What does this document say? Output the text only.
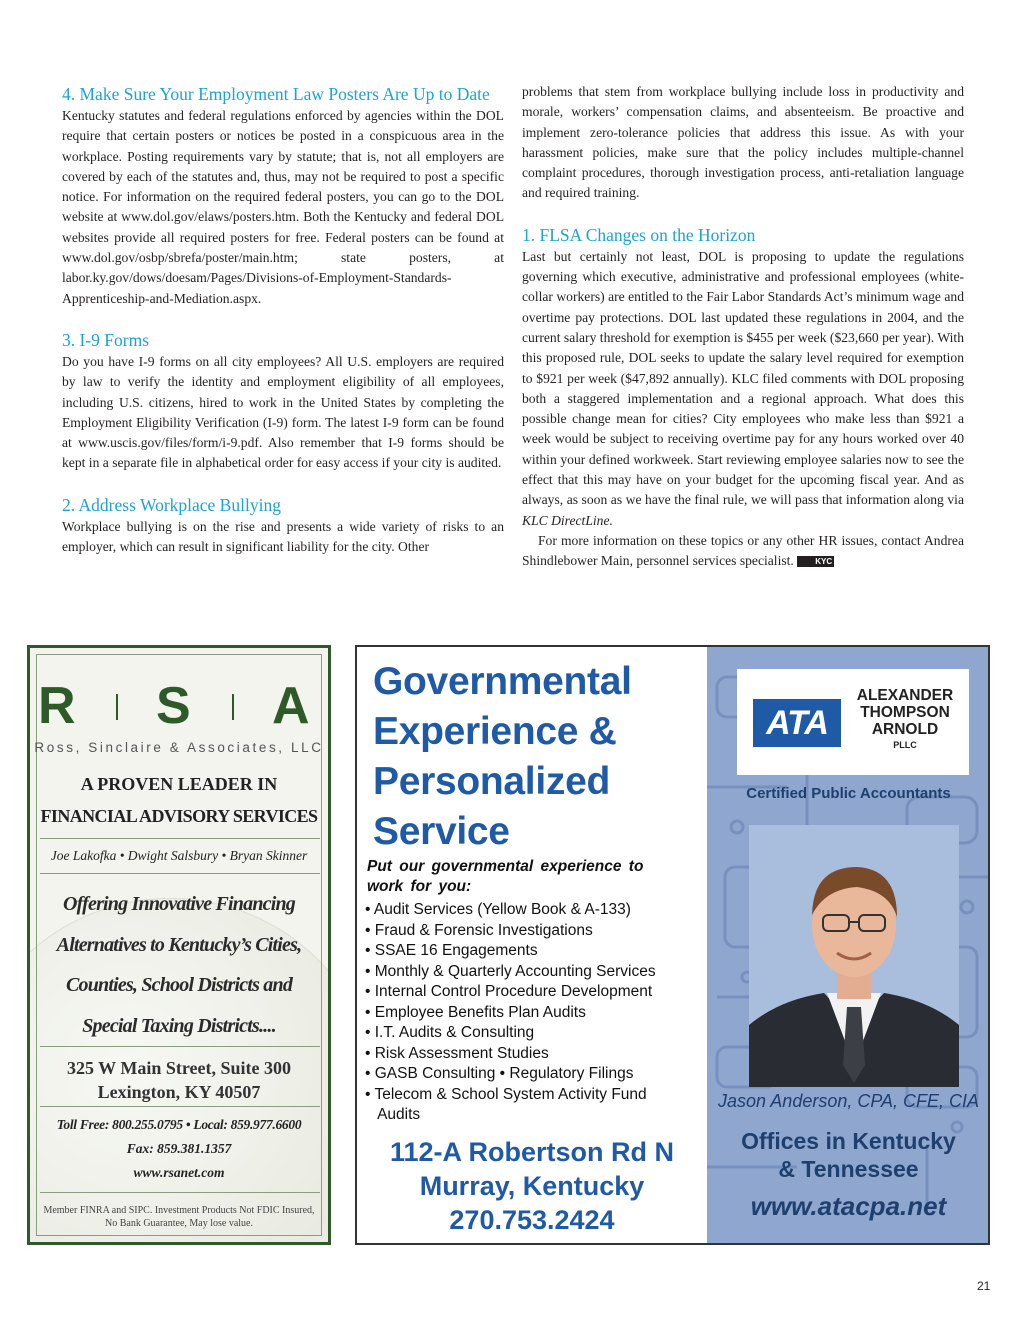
4. Make Sure Your Employment Law Posters Are Up to Date

Kentucky statutes and federal regulations enforced by agencies within the DOL require that certain posters or notices be posted in a conspicuous area in the workplace. Posting requirements vary by statute; that is, not all employers are covered by each of the statutes and, thus, may not be required to post a specific notice. For information on the required federal posters, you can go to the DOL website at www.dol.gov/elaws/posters.htm. Both the Kentucky and federal DOL websites provide all required posters for free. Federal posters can be found at www.dol.gov/osbp/sbrefa/poster/main.htm; state posters, at labor.ky.gov/dows/doesam/Pages/Divisions-of-Employment-Standards-Apprenticeship-and-Mediation.aspx.

3. I-9 Forms

Do you have I-9 forms on all city employees? All U.S. employers are required by law to verify the identity and employment eligibility of all employees, including U.S. citizens, hired to work in the United States by completing the Employment Eligibility Verification (I-9) form. The latest I-9 form can be found at www.uscis.gov/files/form/i-9.pdf. Also remember that I-9 forms should be kept in a separate file in alphabetical order for easy access if your city is audited.

2. Address Workplace Bullying

Workplace bullying is on the rise and presents a wide variety of risks to an employer, which can result in significant liability for the city. Other

problems that stem from workplace bullying include loss in productivity and morale, workers’ compensation claims, and absenteeism. Be proactive and implement zero-tolerance policies that address this issue. As with your harassment policies, make sure that the policy includes multiple-channel complaint procedures, thorough investigation process, anti-retaliation language and required training.

1. FLSA Changes on the Horizon

Last but certainly not least, DOL is proposing to update the regulations governing which executive, administrative and professional employees (white-collar workers) are entitled to the Fair Labor Standards Act’s minimum wage and overtime pay protections. DOL last updated these regulations in 2004, and the current salary threshold for exemption is $455 per week ($23,660 per year). With this proposed rule, DOL seeks to update the salary level required for exemption to $921 per week ($47,892 annually). KLC filed comments with DOL proposing both a staggered implementation and a regional approach. What does this possible change mean for cities? City employees who make less than $921 a week would be subject to receiving overtime pay for any hours worked over 40 within your defined workweek. Start reviewing employee salaries now to see the effect that this may have on your budget for the upcoming fiscal year. And as always, as soon as we have the final rule, we will pass that information along via KLC DirectLine.

For more information on these topics or any other HR issues, contact Andrea Shindlebower Main, personnel services specialist.	KYC

R S A
Ross, Sinclaire & Associates, LLC
A PROVEN LEADER IN
FINANCIAL ADVISORY SERVICES
Joe Lakofka • Dwight Salsbury • Bryan Skinner
Offering Innovative Financing
Alternatives to Kentucky’s Cities,
Counties, School Districts and
Special Taxing Districts....
325 W Main Street, Suite 300
Lexington, KY 40507
Toll Free: 800.255.0795 • Local: 859.977.6600
Fax: 859.381.1357
www.rsanet.com
Member FINRA and SIPC. Investment Products Not FDIC Insured,
No Bank Guarantee, May lose value.
Governmental
Experience &
Personalized
Service
Put our governmental experience to
work for you:
• Audit Services (Yellow Book & A-133)
• Fraud & Forensic Investigations
• SSAE 16 Engagements
• Monthly & Quarterly Accounting Services
• Internal Control Procedure Development
• Employee Benefits Plan Audits
• I.T. Audits & Consulting
• Risk Assessment Studies
• GASB Consulting • Regulatory Filings
• Telecom & School System Activity Fund
Audits
112-A Robertson Rd N
Murray, Kentucky
270.753.2424
ATA
ALEXANDER
THOMPSON
ARNOLD
PLLC
Certified Public Accountants
Jason Anderson, CPA, CFE, CIA
Offices in Kentucky
& Tennessee
www.atacpa.net
21
